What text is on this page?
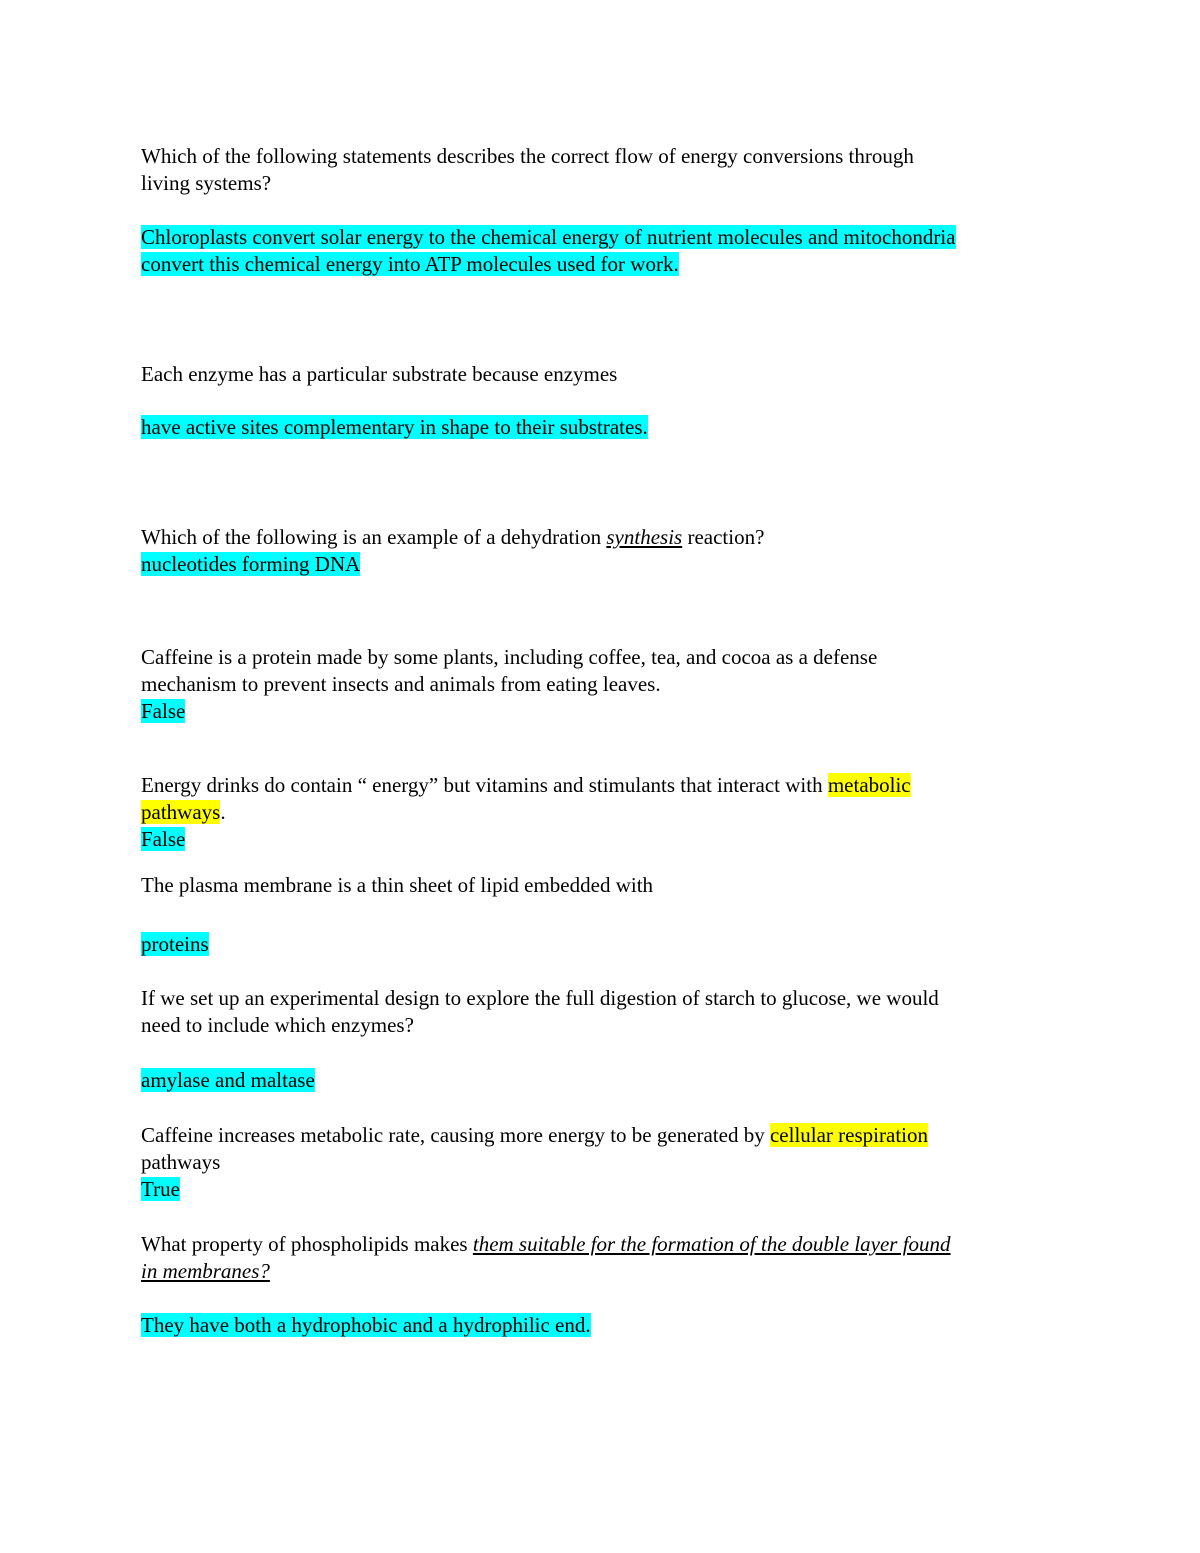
Which of the following statements describes the correct flow of energy conversions through
living systems?
Chloroplasts convert solar energy to the chemical energy of nutrient molecules and mitochondria
convert this chemical energy into ATP molecules used for work.
Each enzyme has a particular substrate because enzymes
have active sites complementary in shape to their substrates.
Which of the following is an example of a dehydration synthesis reaction?
nucleotides forming DNA
Caffeine is a protein made by some plants, including coffee, tea, and cocoa as a defense
mechanism to prevent insects and animals from eating leaves.
False
Energy drinks do contain “ energy” but vitamins and stimulants that interact with metabolic
pathways.
False
The plasma membrane is a thin sheet of lipid embedded with
proteins
If we set up an experimental design to explore the full digestion of starch to glucose, we would
need to include which enzymes?
amylase and maltase
Caffeine increases metabolic rate, causing more energy to be generated by cellular respiration
pathways
True
What property of phospholipids makes them suitable for the formation of the double layer found
in membranes?
They have both a hydrophobic and a hydrophilic end.
